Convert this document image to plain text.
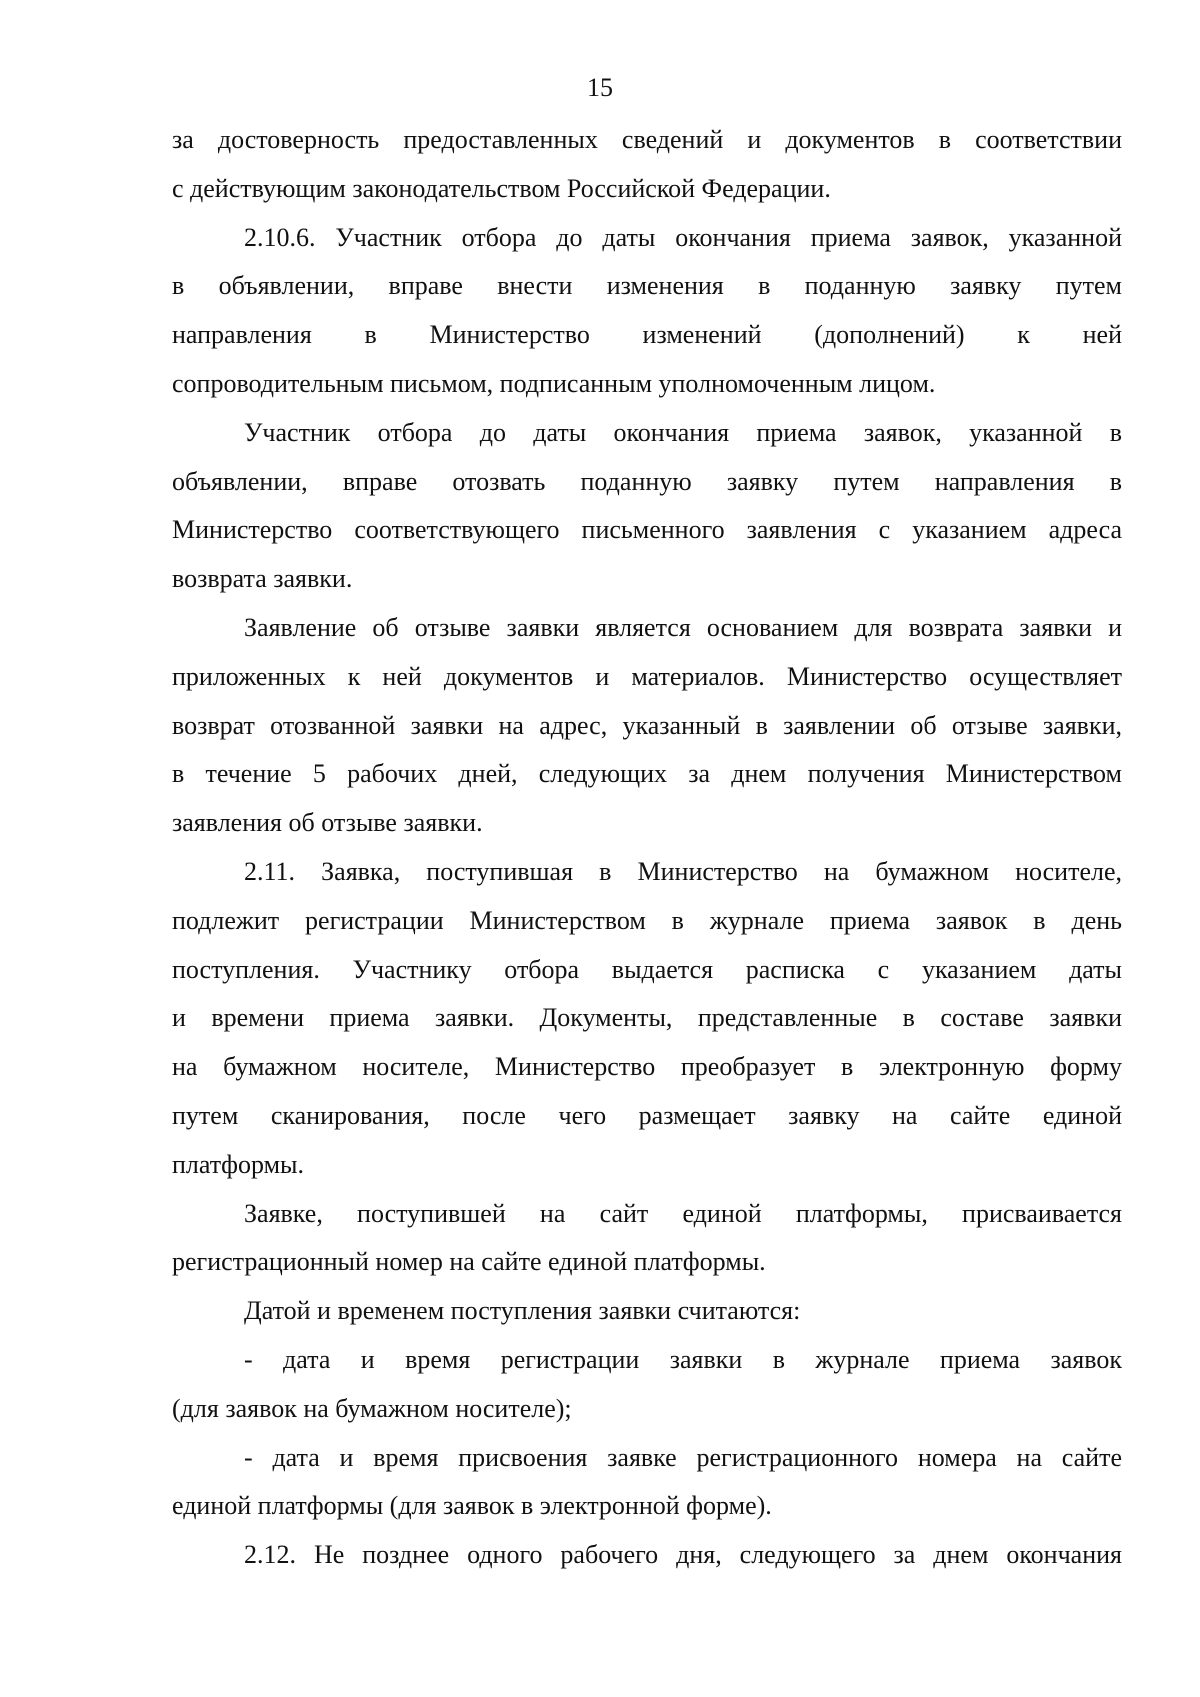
15

за достоверность предоставленных сведений и документов в соответствии
с действующим законодательством Российской Федерации.

2.10.6. Участник отбора до даты окончания приема заявок, указанной
в объявлении, вправе внести изменения в поданную заявку путем
направления в Министерство изменений (дополнений) к ней
сопроводительным письмом, подписанным уполномоченным лицом.

Участник отбора до даты окончания приема заявок, указанной в
объявлении, вправе отозвать поданную заявку путем направления в
Министерство соответствующего письменного заявления с указанием адреса
возврата заявки.

Заявление об отзыве заявки является основанием для возврата заявки и
приложенных к ней документов и материалов. Министерство осуществляет
возврат отозванной заявки на адрес, указанный в заявлении об отзыве заявки,
в течение 5 рабочих дней, следующих за днем получения Министерством
заявления об отзыве заявки.

2.11. Заявка, поступившая в Министерство на бумажном носителе,
подлежит регистрации Министерством в журнале приема заявок в день
поступления. Участнику отбора выдается расписка с указанием даты
и времени приема заявки. Документы, представленные в составе заявки
на бумажном носителе, Министерство преобразует в электронную форму
путем сканирования, после чего размещает заявку на сайте единой
платформы.

Заявке, поступившей на сайт единой платформы, присваивается
регистрационный номер на сайте единой платформы.

Датой и временем поступления заявки считаются:

- дата и время регистрации заявки в журнале приема заявок
(для заявок на бумажном носителе);

- дата и время присвоения заявке регистрационного номера на сайте
единой платформы (для заявок в электронной форме).

2.12. Не позднее одного рабочего дня, следующего за днем окончания
